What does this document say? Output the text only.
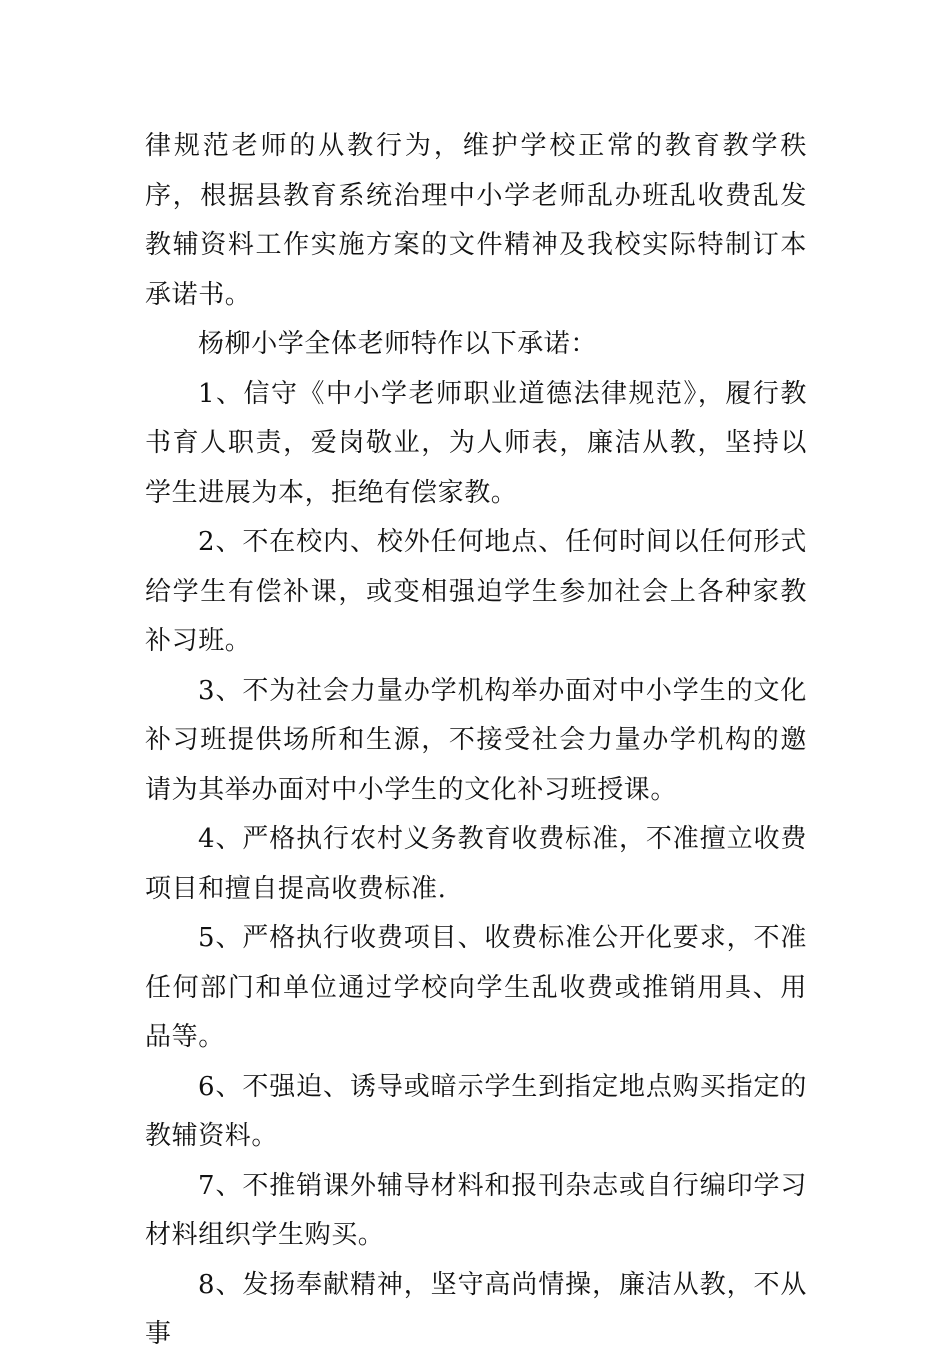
律规范老师的从教行为，维护学校正常的教育教学秩序，根据县教育系统治理中小学老师乱办班乱收费乱发教辅资料工作实施方案的文件精神及我校实际特制订本承诺书。

杨柳小学全体老师特作以下承诺：

1、信守《中小学老师职业道德法律规范》，履行教书育人职责，爱岗敬业，为人师表，廉洁从教，坚持以学生进展为本，拒绝有偿家教。

2、不在校内、校外任何地点、任何时间以任何形式给学生有偿补课，或变相强迫学生参加社会上各种家教补习班。

3、不为社会力量办学机构举办面对中小学生的文化补习班提供场所和生源，不接受社会力量办学机构的邀请为其举办面对中小学生的文化补习班授课。

4、严格执行农村义务教育收费标准，不准擅立收费项目和擅自提高收费标准.

5、严格执行收费项目、收费标准公开化要求，不准任何部门和单位通过学校向学生乱收费或推销用具、用品等。

6、不强迫、诱导或暗示学生到指定地点购买指定的教辅资料。

7、不推销课外辅导材料和报刊杂志或自行编印学习材料组织学生购买。

8、发扬奉献精神，坚守高尚情操，廉洁从教，不从事
